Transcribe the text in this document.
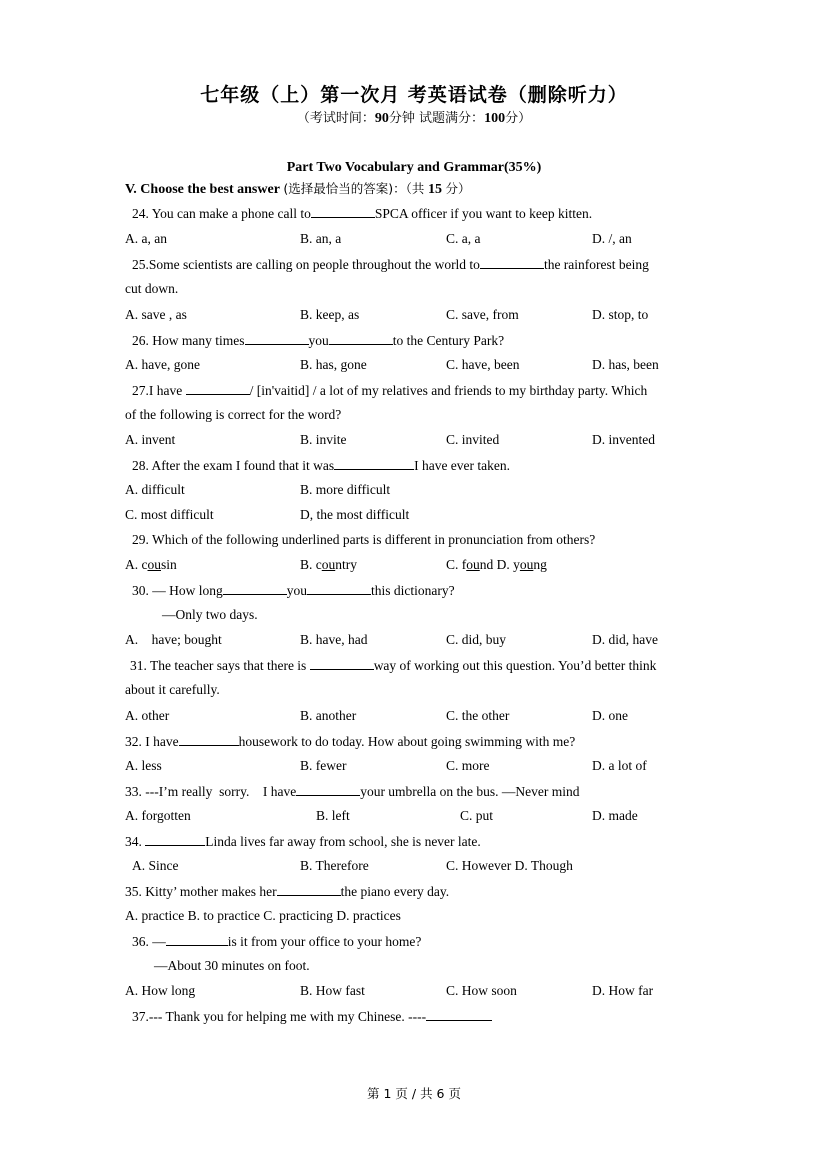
七年级（上）第一次月 考英语试卷（删除听力）
（考试时间：90分钟 试题满分：100分）
Part Two Vocabulary and Grammar(35%)
V. Choose the best answer (选择最恰当的答案)：（共 15 分）
24. You can make a phone call to	SPCA officer if you want to keep kitten.
A. a, an	B. an, a	C. a, a	D. /, an
25.Some scientists are calling on people throughout the world to	the rainforest being
cut down.
A. save , as	B. keep, as	C. save, from	D. stop, to
26. How many times	you	to the Century Park?
A. have, gone	B. has, gone	C. have, been	D. has, been
27.I have	/ [in'vaitid] / a lot of my relatives and friends to my birthday party. Which
of the following is correct for the word?
A. invent	B. invite	C. invited	D. invented
28. After the exam I found that it was	I have ever taken.
A. difficult	B. more difficult
C. most difficult	D, the most difficult
29. Which of the following underlined parts is different in pronunciation from others?
A. cousin	B. country	C. found D. young
30. — How long	you	this dictionary?
—Only two days.
A.    have; bought	B. have, had	C. did, buy	D. did, have
31. The teacher says that there is	way of working out this question. You’d better think
about it carefully.
A. other	B. another	C. the other	D. one
32. I have	housework to do today. How about going swimming with me?
A. less	B. fewer	C. more	D. a lot of
33. ---I’m really  sorry.    I have	your umbrella on the bus. —Never mind
A. forgotten	B. left	C. put	D. made
34.	Linda lives far away from school, she is never late.
A. Since	B. Therefore	C. However D. Though
35. Kitty’ mother makes her	the piano every day.
A. practice B. to practice C. practicing D. practices
36. —	is it from your office to your home?
—About 30 minutes on foot.
A. How long	B. How fast	C. How soon	D. How far
37.--- Thank you for helping me with my Chinese. ----
第 1 页 / 共 6 页
